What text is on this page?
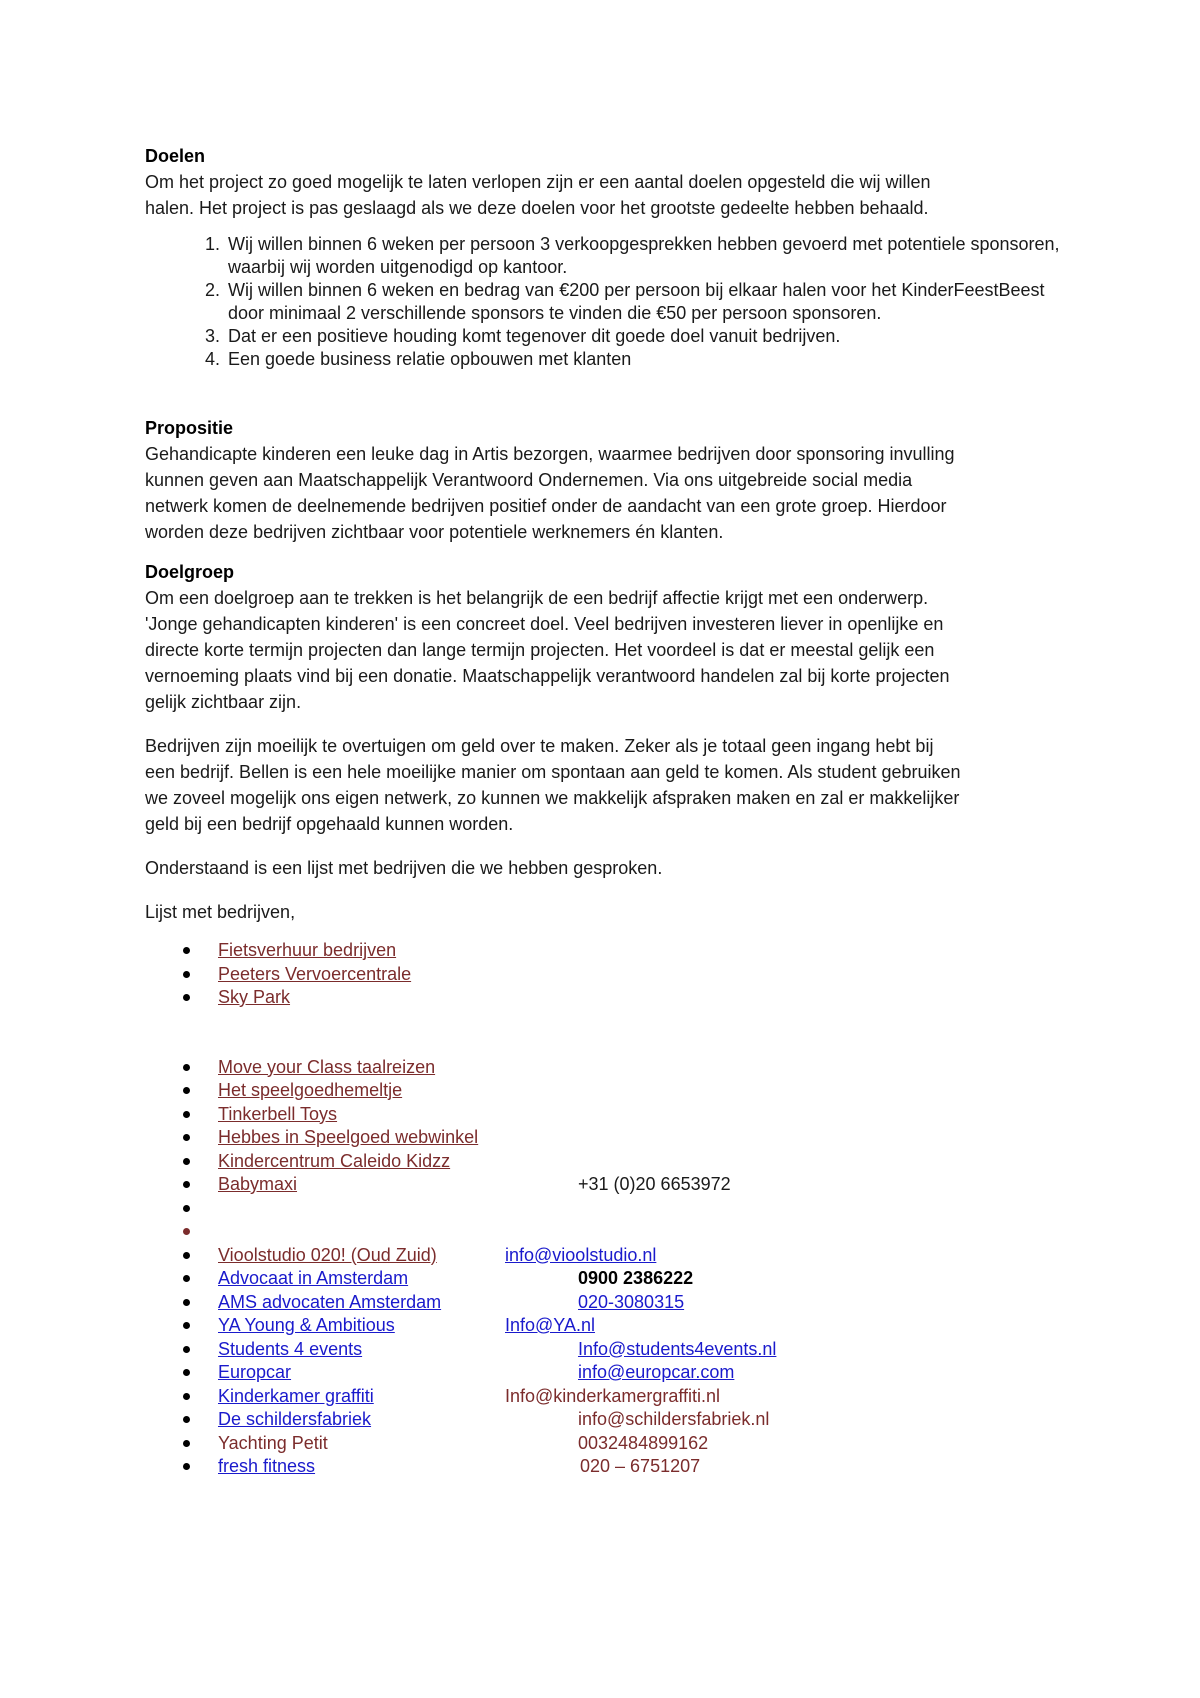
Doelen

Om het project zo goed mogelijk te laten verlopen zijn er een aantal doelen opgesteld die wij willen

halen. Het project is pas geslaagd als we deze doelen voor het grootste gedeelte hebben behaald.

1. Wij willen binnen 6 weken per persoon 3 verkoopgesprekken hebben gevoerd met potentiele sponsoren, waarbij wij worden uitgenodigd op kantoor.
2. Wij willen binnen 6 weken en bedrag van €200 per persoon bij elkaar halen voor het KinderFeestBeest door minimaal 2 verschillende sponsors te vinden die €50 per persoon sponsoren.
3. Dat er een positieve houding komt tegenover dit goede doel vanuit bedrijven.
4. Een goede business relatie opbouwen met klanten
Propositie

Gehandicapte kinderen een leuke dag in Artis bezorgen, waarmee bedrijven door sponsoring invulling

kunnen geven aan Maatschappelijk Verantwoord Ondernemen. Via ons uitgebreide social media

netwerk komen de deelnemende bedrijven positief onder de aandacht van een grote groep. Hierdoor

worden deze bedrijven zichtbaar voor potentiele werknemers én klanten.

Doelgroep

Om een doelgroep aan te trekken is het belangrijk de een bedrijf affectie krijgt met een onderwerp.

'Jonge gehandicapten kinderen' is een concreet doel. Veel bedrijven investeren liever in openlijke en

directe korte termijn projecten dan lange termijn projecten. Het voordeel is dat er meestal gelijk een

vernoeming plaats vind bij een donatie. Maatschappelijk verantwoord handelen zal bij korte projecten

gelijk zichtbaar zijn.

Bedrijven zijn moeilijk te overtuigen om geld over te maken. Zeker als je totaal geen ingang hebt bij

een bedrijf. Bellen is een hele moeilijke manier om spontaan aan geld te komen. Als student gebruiken

we zoveel mogelijk ons eigen netwerk, zo kunnen we makkelijk afspraken maken en zal er makkelijker

geld bij een bedrijf opgehaald kunnen worden.

Onderstaand is een lijst met bedrijven die we hebben gesproken.

Lijst met bedrijven,

Fietsverhuur bedrijven
Peeters Vervoercentrale
Sky Park
Move your Class taalreizen
Het speelgoedhemeltje
Tinkerbell Toys
Hebbes in Speelgoed webwinkel
Kindercentrum Caleido Kidzz
Babymaxi	+31 (0)20 6653972
Vioolstudio 020! (Oud Zuid)	info@vioolstudio.nl
Advocaat in Amsterdam	0900 2386222
AMS advocaten Amsterdam	020-3080315
YA Young & Ambitious	Info@YA.nl
Students 4 events	Info@students4events.nl
Europcar	info@europcar.com
Kinderkamer graffiti	Info@kinderkamergraffiti.nl
De schildersfabriek	info@schildersfabriek.nl
Yachting Petit	0032484899162
fresh fitness	020 – 6751207
